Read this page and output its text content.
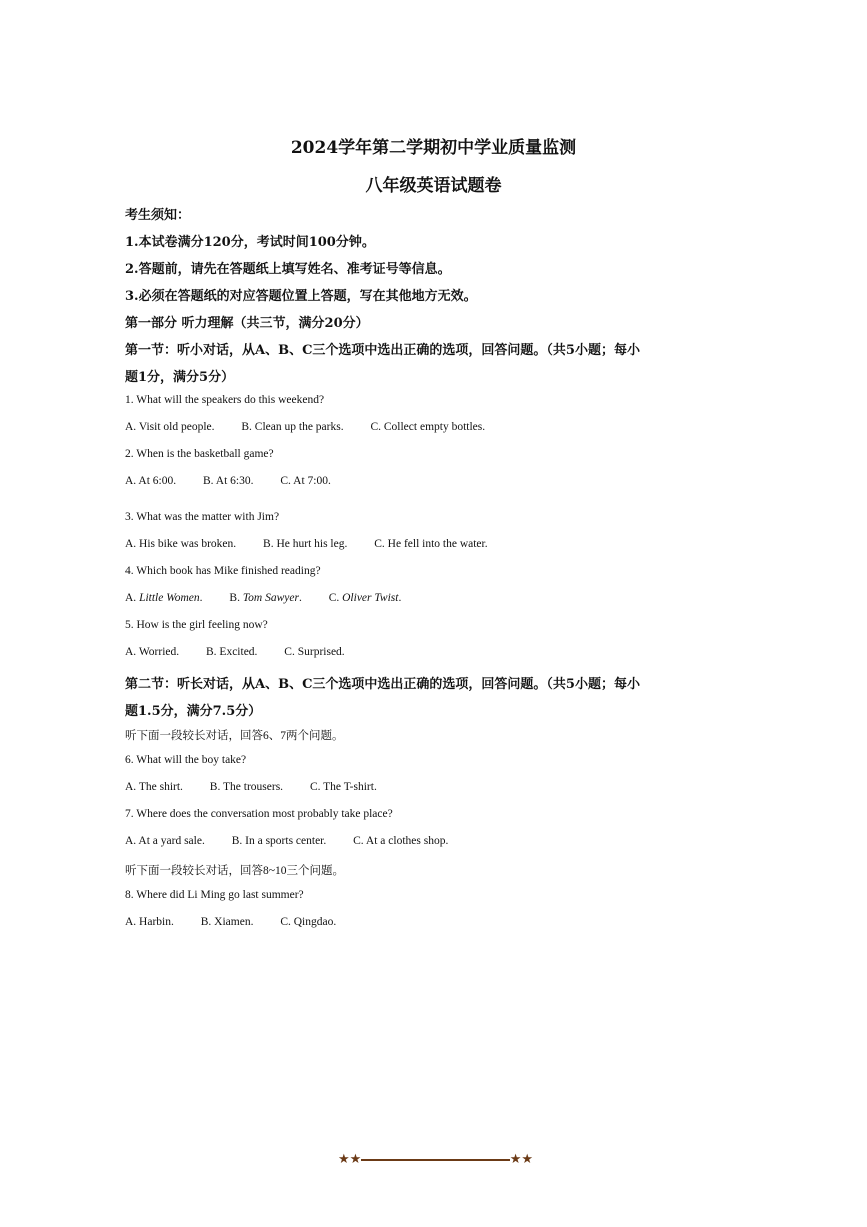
2024学年第二学期初中学业质量监测
八年级英语试题卷
考生须知：
1.本试卷满分120分，考试时间100分钟。
2.答题前，请先在答题纸上填写姓名、准考证号等信息。
3.必须在答题纸的对应答题位置上答题，写在其他地方无效。
第一部分 听力理解（共三节，满分20分）
第一节：听小对话，从A、B、C三个选项中选出正确的选项，回答问题。（共5小题；每小
题1分，满分5分）
1. What will the speakers do this weekend?
A. Visit old people. B. Clean up the parks. C. Collect empty bottles.
2. When is the basketball game?
A. At 6:00. B. At 6:30. C. At 7:00.
3. What was the matter with Jim?
A. His bike was broken. B. He hurt his leg. C. He fell into the water.
4. Which book has Mike finished reading?
A. Little Women. B. Tom Sawyer. C. Oliver Twist.
5. How is the girl feeling now?
A. Worried. B. Excited. C. Surprised.
第二节：听长对话，从A、B、C三个选项中选出正确的选项，回答问题。（共5小题；每小
题1.5分，满分7.5分）
听下面一段较长对话，回答6、7两个问题。
6. What will the boy take?
A. The shirt. B. The trousers. C. The T-shirt.
7. Where does the conversation most probably take place?
A. At a yard sale. B. In a sports center. C. At a clothes shop.
听下面一段较长对话，回答8~10三个问题。
8. Where did Li Ming go last summer?
A. Harbin. B. Xiamen. C. Qingdao.
★★	★★
